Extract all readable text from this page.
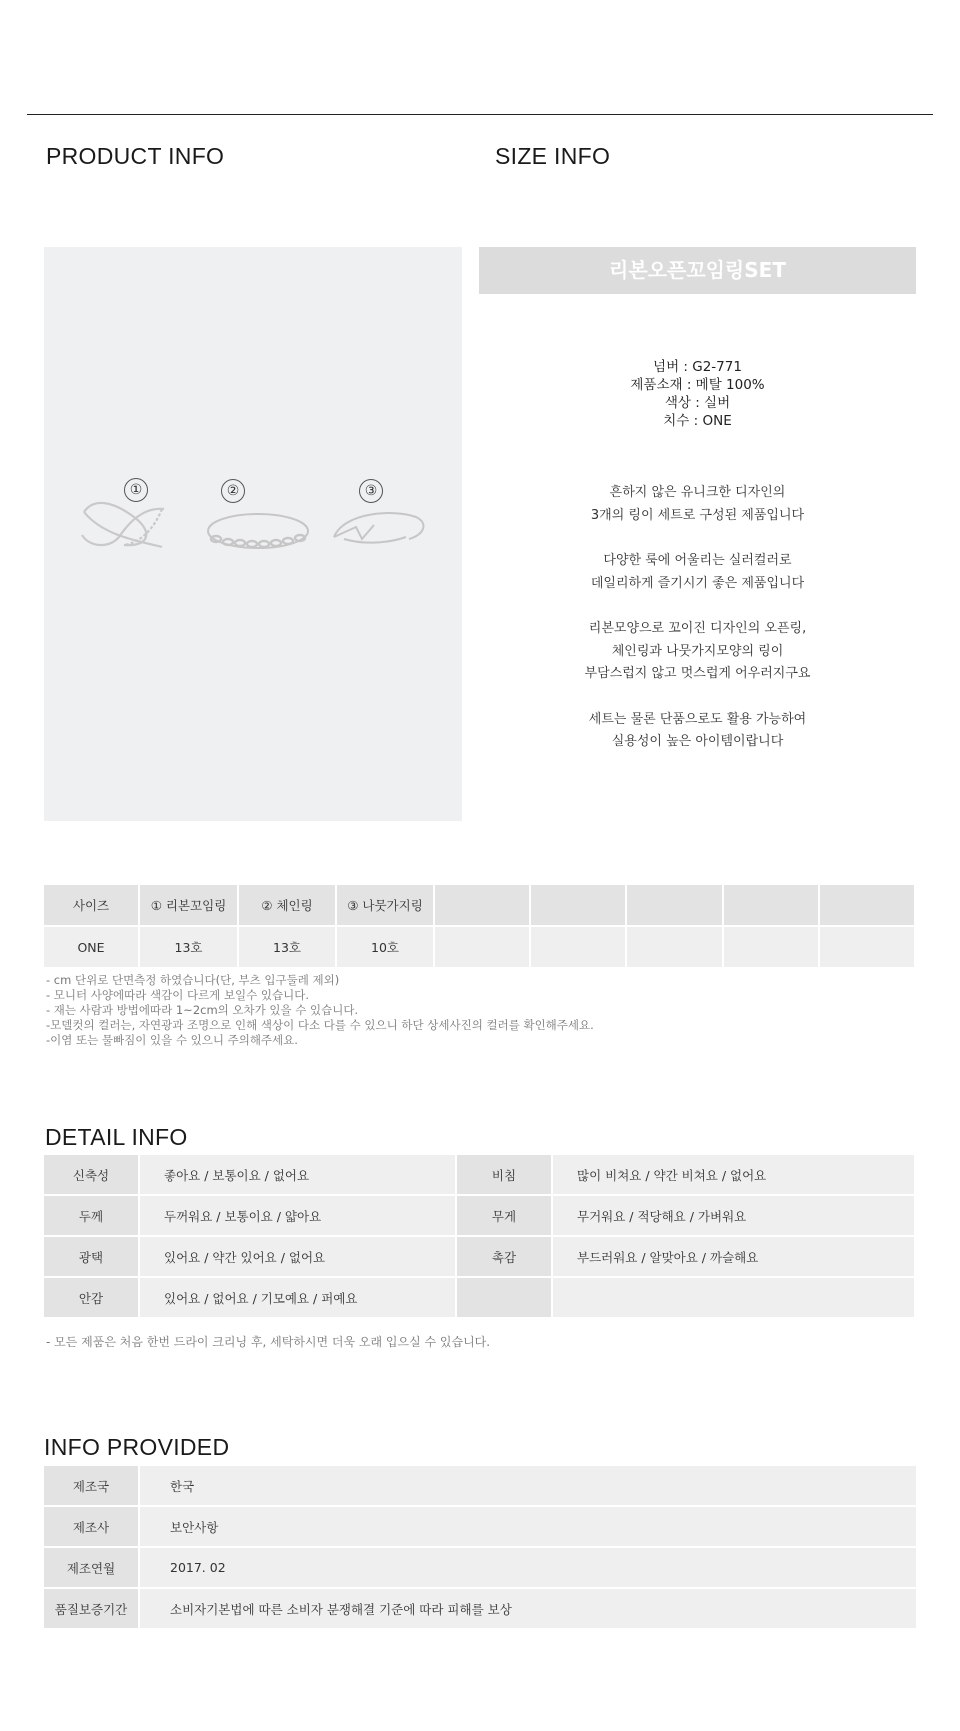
PRODUCT INFO	SIZE INFO
①	②	③
리본오픈꼬임링SET
넘버 : G2-771
제품소재 : 메탈 100%
색상 : 실버
치수 : ONE

흔하지 않은 유니크한 디자인의
3개의 링이 세트로 구성된 제품입니다

다양한 룩에 어울리는 실러컬러로
데일리하게 즐기시기 좋은 제품입니다

리본모양으로 꼬이진 디자인의 오픈링,
체인링과 나뭇가지모양의 링이
부담스럽지 않고 멋스럽게 어우러지구요

세트는 물론 단품으로도 활용 가능하여
실용성이 높은 아이템이랍니다

사이즈	① 리본꼬임링	② 체인링	③ 나뭇가지링					
ONE	13호	13호	10호					
- cm 단위로 단면측정 하였습니다(단, 부츠 입구둘레 제외)
- 모니터 사양에따라 색감이 다르게 보일수 있습니다.
- 재는 사람과 방법에따라 1~2cm의 오차가 있을 수 있습니다.
-모델컷의 컬러는, 자연광과 조명으로 인해 색상이 다소 다를 수 있으니 하단 상세사진의 컬러를 확인해주세요.
-이염 또는 물빠짐이 있을 수 있으니 주의해주세요.
DETAIL INFO
신축성	좋아요 / 보통이요 / 없어요	비침	많이 비쳐요 / 약간 비쳐요 / 없어요
두께	두꺼워요 / 보통이요 / 얇아요	무게	무거워요 / 적당해요 / 가벼워요
광택	있어요 / 약간 있어요 / 없어요	촉감	부드러워요 / 알맞아요 / 까슬해요
안감	있어요 / 없어요 / 기모예요 / 퍼예요		
- 모든 제품은 처음 한번 드라이 크리닝 후, 세탁하시면 더욱 오래 입으실 수 있습니다.
INFO PROVIDED
제조국	한국
제조사	보안사항
제조연월	2017. 02
품질보증기간	소비자기본법에 따른 소비자 분쟁해결 기준에 따라 피해를 보상
